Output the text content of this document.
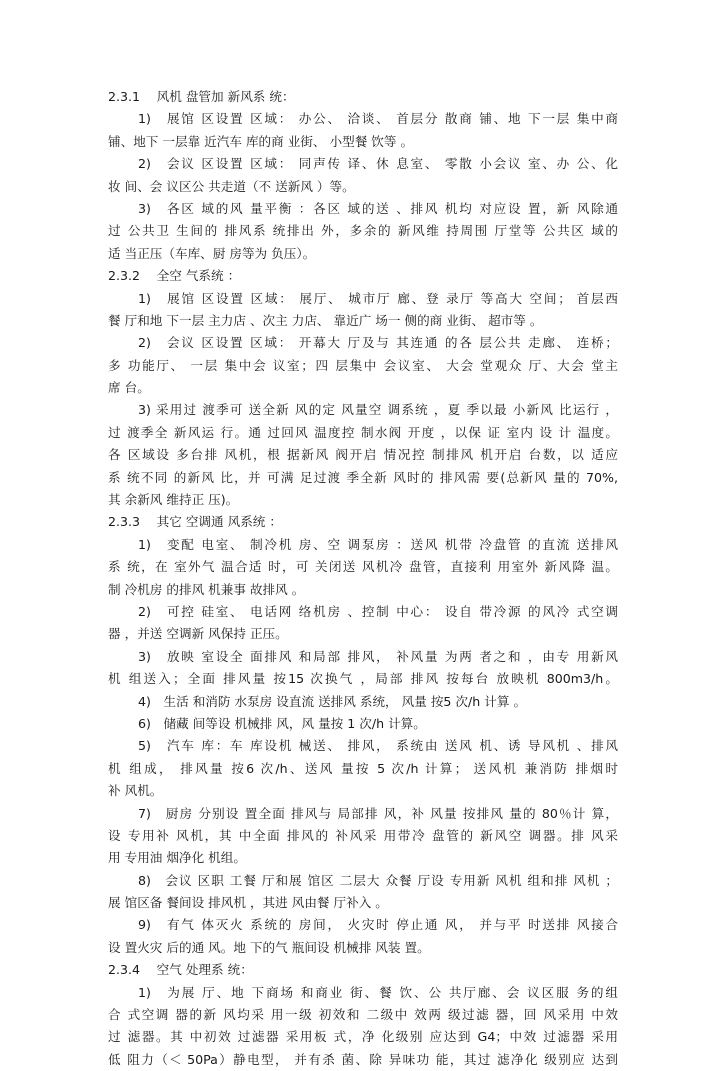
2.3.1　 风机 盘管加 新风系 统：
1)　展馆 区设置 区域： 办公、 洽谈、 首层分 散商 铺、地 下一层 集中商
铺、地下 一层靠 近汽车 库的商 业街、 小型餐 饮等 。
2)　会议 区设置 区域： 同声传 译、休 息室、 零散 小会议 室、办 公、化
妆 间、会 议区公 共走道（不 送新风 ）等。
3)　各区 域的风 量平衡 ：各区 域的送 、排风 机均 对应设 置，新 风除通
过 公共卫 生间的 排风系 统排出 外，多余的 新风维 持周围 厅堂等 公共区 域的
适 当正压（车库、厨 房等为 负压）。
2.3.2　 全空 气系统 ：
1)　展馆 区设置 区域： 展厅、 城市厅 廊、登 录厅 等高大 空间； 首层西
餐 厅和地 下一层 主力店 、次主 力店、 靠近广 场一 侧的商 业街、 超市等 。
2)　会议 区设置 区域： 开幕大 厅及与 其连通 的各 层公共 走廊、 连桥；
多 功能厅、 一层 集中会 议室；四 层集中 会议室、 大会 堂观众 厅、大会 堂主
席 台。
3) 采用过 渡季可 送全新 风的定 风量空 调系统 ，夏 季以最 小新风 比运行 ，
过 渡季全 新风运 行。通 过回风 温度控 制水阀 开度 ，以保 证 室内 设 计 温度。
各 区域设 多台排 风机，根 据新风 阀开启 情况控 制排风 机开启 台数，以 适应
系 统不同 的新风 比，并 可满 足过渡 季全新 风时的 排风需 要(总新风 量的 70%,
其 余新风 维持正 压)。
2.3.3　 其它 空调通 风系统 ：
1)　变配 电室、 制冷机 房、空 调泵房 ：送风 机带 冷盘管 的直流 送排风
系 统，在 室外气 温合适 时，可 关闭送 风机冷 盘管，直接利 用室外 新风降 温。
制 冷机房 的排风 机兼事 故排风 。
2)　可控 硅室、 电话网 络机房 、控制 中心： 设自 带冷源 的风冷 式空调
器 ，并送 空调新 风保持 正压。
3)　放映 室设全 面排风 和局部 排风， 补风量 为两 者之和 ，由专 用新风
机 组送入；全面 排风量 按15 次换气 ，局部 排风 按每台 放映机 800m3/h。
4)　生活 和消防 水泵房 设直流 送排风 系统， 风量 按5 次/h 计算 。
6)　储藏 间等设 机械排 风，风 量按 1 次/h 计算。
5)　汽车 库：车 库设机 械送、 排风， 系统由 送风 机、诱 导风机 、排风
机 组成， 排风量 按6 次/h、送风 量按 5 次/h 计算； 送风机 兼消防 排烟时
补 风机。
7)　厨房 分别设 置全面 排风与 局部排 风，补 风量 按排风 量的 80％计 算，
设 专用补 风机，其 中全面 排风的 补风采 用带冷 盘管的 新风空 调器。排 风采
用 专用油 烟净化 机组。
8)　会议 区职 工餐 厅和展 馆区 二层大 众餐 厅设 专用新 风机 组和排 风机 ；
展 馆区备 餐间设 排风机 ，其进 风由餐 厅补入 。
9)　有气 体灭火 系统的 房间， 火灾时 停止通 风， 并与平 时送排 风接合
设 置火灾 后的通 风。地 下的气 瓶间设 机械排 风装 置。
2.3.4　 空气 处理系 统：
1)　为展 厅、地 下商场 和商业 街、餐 饮、公 共厅廊、会 议区服 务的组
合 式空调 器的新 风均采 用一级 初效和 二级中 效两 级过滤 器，回 风采用 中效
过 滤器。其 中初效 过滤器 采用板 式，净 化级别 应达到 G4；中效 过滤器 采用
低 阻力（＜ 50Pa）静电型， 并有杀 菌、除 异味功 能，其过 滤净化 级别应 达到
